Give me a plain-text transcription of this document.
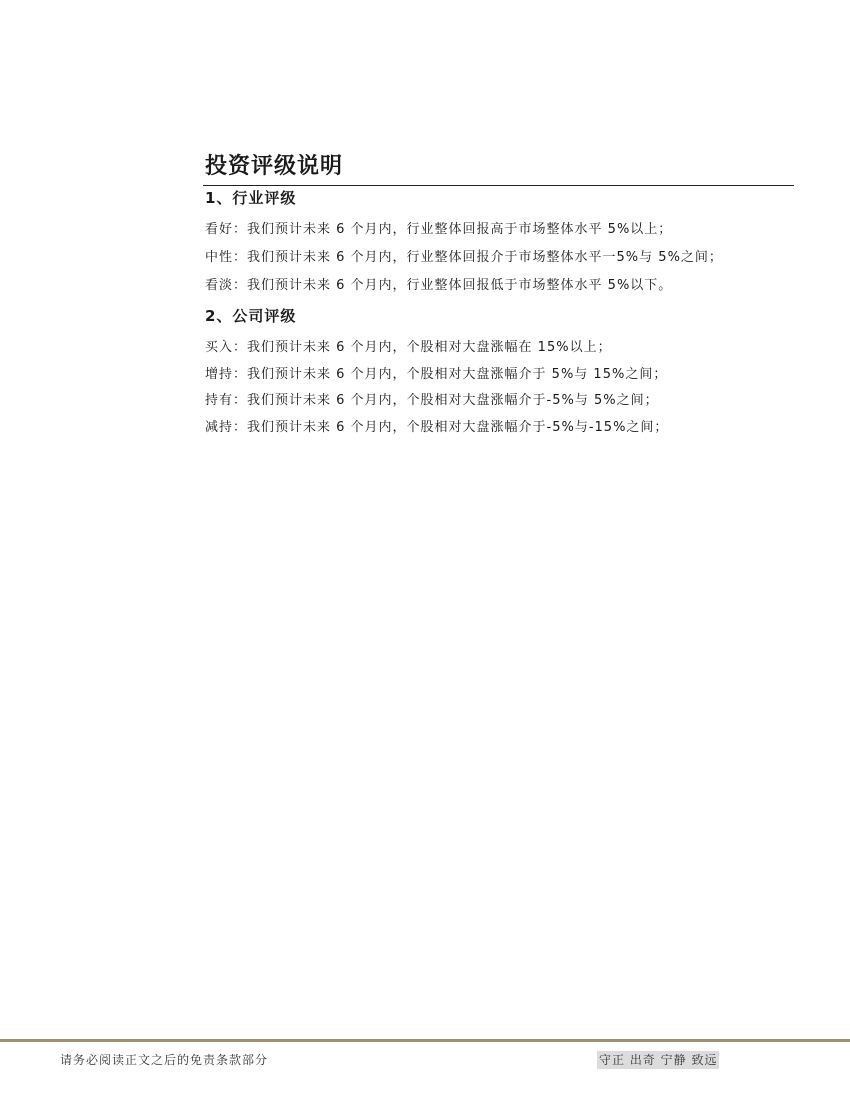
投资评级说明
1、行业评级
看好：我们预计未来 6 个月内，行业整体回报高于市场整体水平 5%以上；
中性：我们预计未来 6 个月内，行业整体回报介于市场整体水平一5%与 5%之间；
看淡：我们预计未来 6 个月内，行业整体回报低于市场整体水平 5%以下。
2、公司评级
买入：我们预计未来 6 个月内，个股相对大盘涨幅在 15%以上；
增持：我们预计未来 6 个月内，个股相对大盘涨幅介于 5%与 15%之间；
持有：我们预计未来 6 个月内，个股相对大盘涨幅介于-5%与 5%之间；
减持：我们预计未来 6 个月内，个股相对大盘涨幅介于-5%与-15%之间；
请务必阅读正文之后的免责条款部分	守正 出奇 宁静 致远
